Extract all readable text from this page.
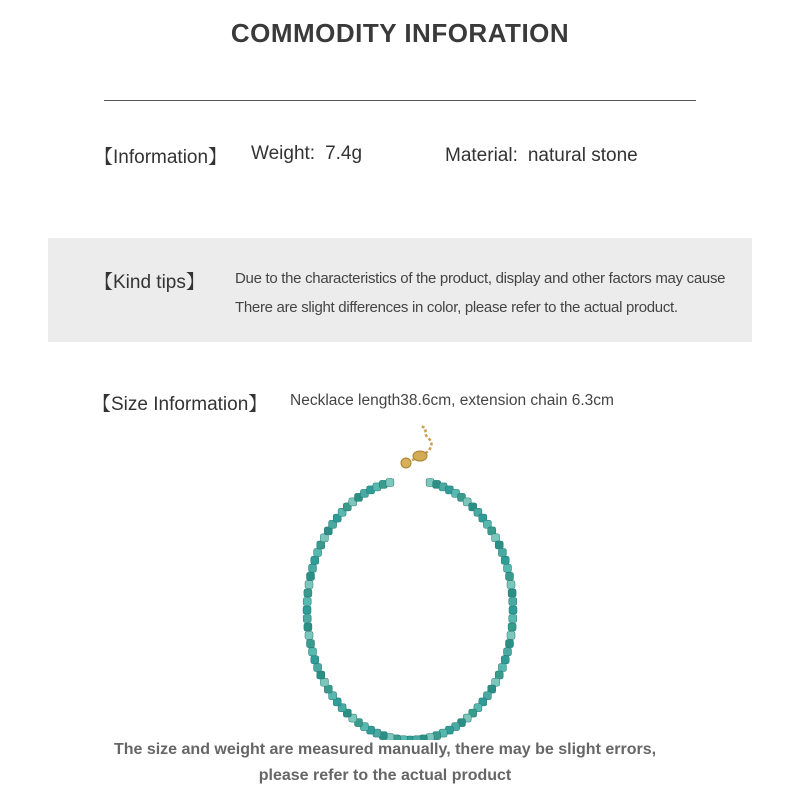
COMMODITY INFORATION
【Information】 Weight: 7.4g	Material: natural stone
【Kind tips】 Due to the characteristics of the product, display and other factors may cause
There are slight differences in color, please refer to the actual product.
【Size Information】 Necklace length38.6cm, extension chain 6.3cm
The size and weight are measured manually, there may be slight errors,
please refer to the actual product
